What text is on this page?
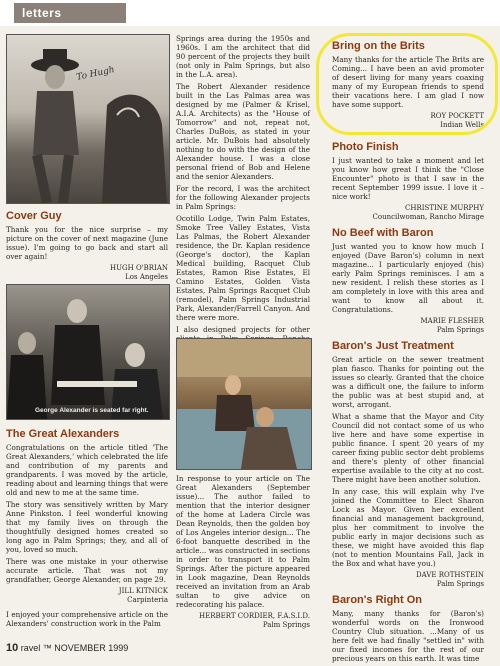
letters
To Hugh
Cover Guy

Thank you for the nice surprise – my picture on the cover of next magazine (June issue). I'm going to go back and start all over again!

HUGH O'BRIAN
Los Angeles
George Alexander is seated far right.
The Great Alexanders

Congratulations on the article titled 'The Great Alexanders,' which celebrated the life and contribution of my parents and grandparents. I was moved by the article, reading about and learning things that were old and new to me at the same time.

The story was sensitively written by Mary Anne Pinkston. I feel wonderful knowing that my family lives on through the thoughtfully designed homes created so long ago in Palm Springs; they, and all of you, loved so much.

There was one mistake in your otherwise accurate article. That was not my grandfather, George Alexander, on page 29.

JILL KITNICK
Carpinteria

I enjoyed your comprehensive article on the Alexanders' construction work in the Palm

Springs area during the 1950s and 1960s. I am the architect that did 90 percent of the projects they built (not only in Palm Springs, but also in the L.A. area).

The Robert Alexander residence built in the Las Palmas area was designed by me (Palmer & Krisel, A.I.A. Architects) as the "House of Tomorrow" and not, repeat not, Charles DuBois, as stated in your article. Mr. DuBois had absolutely nothing to do with the design of the Alexander house. I was a close personal friend of Bob and Helene and the senior Alexanders.

For the record, I was the architect for the following Alexander projects in Palm Springs:

Ocotillo Lodge, Twin Palm Estates, Smoke Tree Valley Estates, Vista Las Palmas, the Robert Alexander residence, the Dr. Kaplan residence (George's doctor), the Kaplan Medical building, Racquet Club Estates, Ramon Rise Estates, El Camino Estates, Golden Vista Estates, Palm Springs Racquet Club (remodel), Palm Springs Industrial Park, Alexander/Farrell Canyon. And there were more.

I also designed projects for other

In response to your article on The Great Alexanders (September issue)... The author failed to mention that the interior designer of the home at Ladera Circle was Dean Reynolds, then the golden boy of Los Angeles interior design... The 6-foot banquette described in the article... was constructed in sections in order to transport it to Palm Springs. After the picture appeared in Look magazine, Dean Reynolds received an invitation from an Arab sultan to give advice on redecorating his palace.

HERBERT CORDIER, F.A.S.I.D.
Palm Springs
Bring on the Brits

Many thanks for the article The Brits are Coming... I have been an avid promoter of desert living for many years coaxing many of my European friends to spend their vacations here. I am glad I now have some support.

ROY POCKETT
Indian Wells
Photo Finish

I just wanted to take a moment and let you know how great I think the "Close Encounter" photo is that I saw in the recent September 1999 issue. I love it – nice work!

CHRISTINE MURPHY
Councilwoman, Rancho Mirage
No Beef with Baron

Just wanted you to know how much I enjoyed (Dave Baron's) column in next magazine... I particularly enjoyed (his) early Palm Springs reminisces. I am a new resident. I relish these stories as I am completely in love with this area and want to know all about it. Congratulations.

MARIE FLESHER
Palm Springs
Baron's Just Treatment

Great article on the sewer treatment plan fiasco. Thanks for pointing out the issues so clearly. Granted that the choice was a difficult one, the failure to inform the public was at best stupid and, at worst, arrogant.

What a shame that the Mayor and City Council did not contact some of us who live here and have some expertise in public finance. I spent 20 years of my career fixing public sector debt problems and there's plenty of other financial expertise available to the city at no cost. There might have been another solution.

In any case, this will explain why I've joined the Committee to Elect Sharon Lock as Mayor. Given her excellent financial and management background, plus her commitment to involve the public early in major decisions such as these, we might have avoided this flap (not to mention Mountains Fall, Jack in the Box and what have you.)

DAVE ROTHSTEIN
Palm Springs
Baron's Right On

Many, many thanks for (Baron's) wonderful words on the Ironwood Country Club situation. ...Many of us here felt we had finally "settled in" with our fixed incomes for the rest of our precious years on this earth. It was time

10 ravel ™ NOVEMBER 1999
